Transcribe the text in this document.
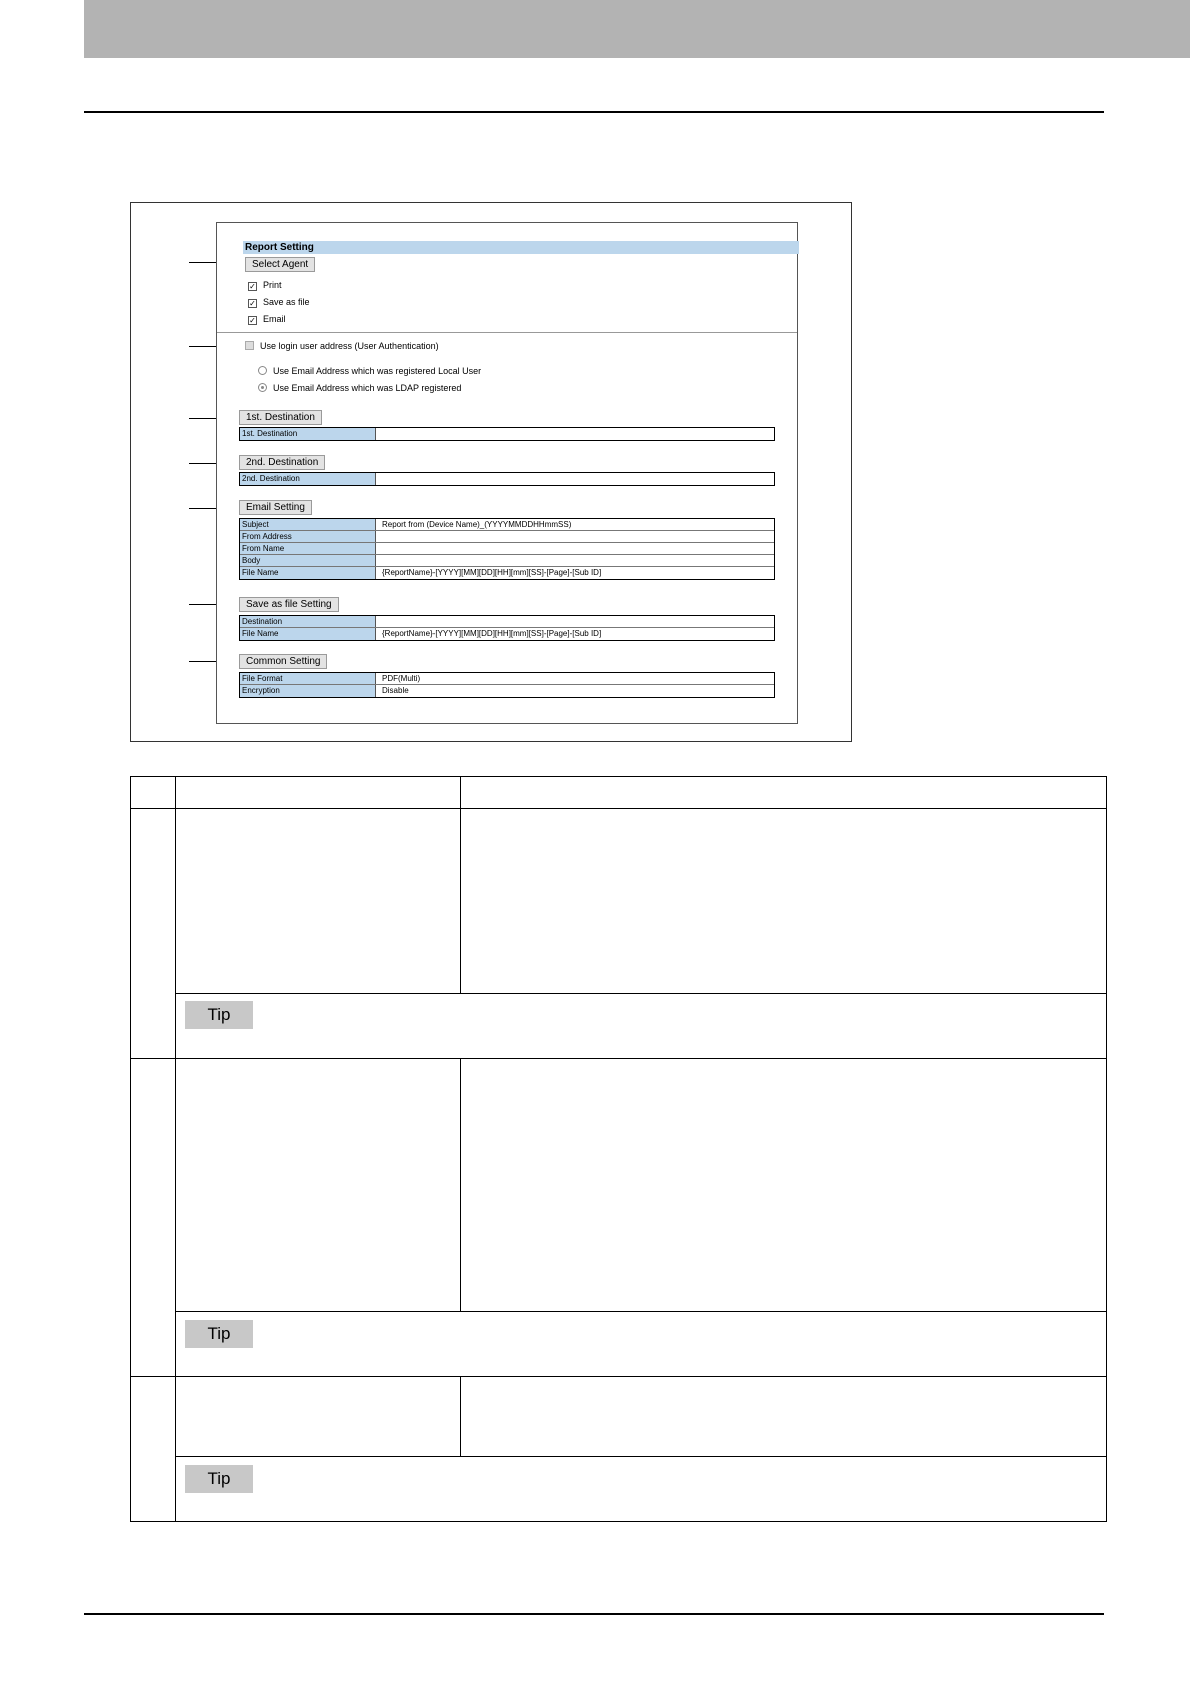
Report Setting
Select Agent
✓ Print
✓ Save as file
✓ Email
Use login user address (User Authentication)
Use Email Address which was registered Local User
Use Email Address which was LDAP registered
1st. Destination
1st. Destination
2nd. Destination
2nd. Destination
Email Setting
Subject	Report from (Device Name)_(YYYYMMDDHHmmSS)
From Address
From Name
Body
File Name	{ReportName}-[YYYY][MM][DD][HH][mm][SS]-[Page]-[Sub ID]
Save as file Setting
Destination
File Name	{ReportName}-[YYYY][MM][DD][HH][mm][SS]-[Page]-[Sub ID]
Common Setting
File Format	PDF(Multi)
Encryption	Disable
Tip
Tip
Tip
